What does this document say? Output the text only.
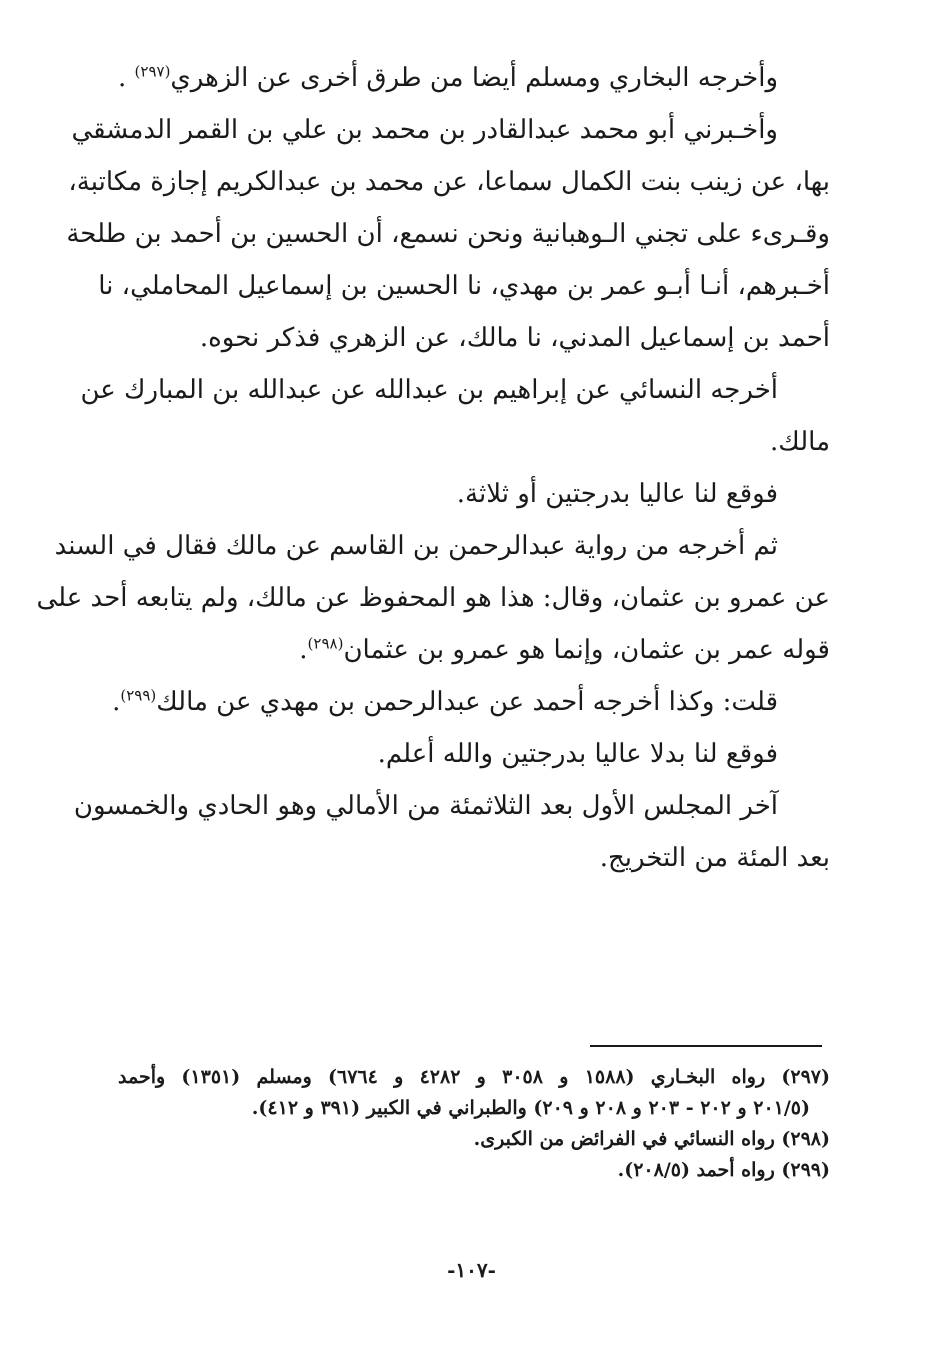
وأخرجه البخاري ومسلم أيضا من طرق أخرى عن الزهري$^{(٢٩٧)}$ .
وأخـبرني أبو محمد عبدالقادر بن محمد بن علي بن القمر الدمشقي
بها، عن زينب بنت الكمال سماعا، عن محمد بن عبدالكريم إجازة مكاتبة،
وقـرىء على تجني الـوهبانية ونحن نسمع، أن الحسين بن أحمد بن طلحة
أخـبرهم، أنـا أبـو عمر بن مهدي، نا الحسين بن إسماعيل المحاملي، نا
أحمد بن إسماعيل المدني، نا مالك، عن الزهري فذكر نحوه.
أخرجه النسائي عن إبراهيم بن عبدالله عن عبدالله بن المبارك عن
مالك.
فوقع لنا عاليا بدرجتين أو ثلاثة.
ثم أخرجه من رواية عبدالرحمن بن القاسم عن مالك فقال في السند
عن عمرو بن عثمان، وقال: هذا هو المحفوظ عن مالك، ولم يتابعه أحد على
قوله عمر بن عثمان، وإنما هو عمرو بن عثمان$^{(٢٩٨)}$.
قلت: وكذا أخرجه أحمد عن عبدالرحمن بن مهدي عن مالك$^{(٢٩٩)}$.
فوقع لنا بدلا عاليا بدرجتين والله أعلم.
آخر المجلس الأول بعد الثلاثمئة من الأمالي وهو الحادي والخمسون
بعد المئة من التخريج.
(٢٩٧) رواه البخـاري (١٥٨٨ و ٣٠٥٨ و ٤٢٨٢ و ٦٧٦٤) ومسلم (١٣٥١) وأحمد
(٢٠١/٥ و ٢٠٢ - ٢٠٣ و ٢٠٨ و ٢٠٩) والطبراني في الكبير (٣٩١ و ٤١٢).
(٢٩٨) رواه النسائي في الفرائض من الكبرى.
(٢٩٩) رواه أحمد (٢٠٨/٥).
-١٠٧-
